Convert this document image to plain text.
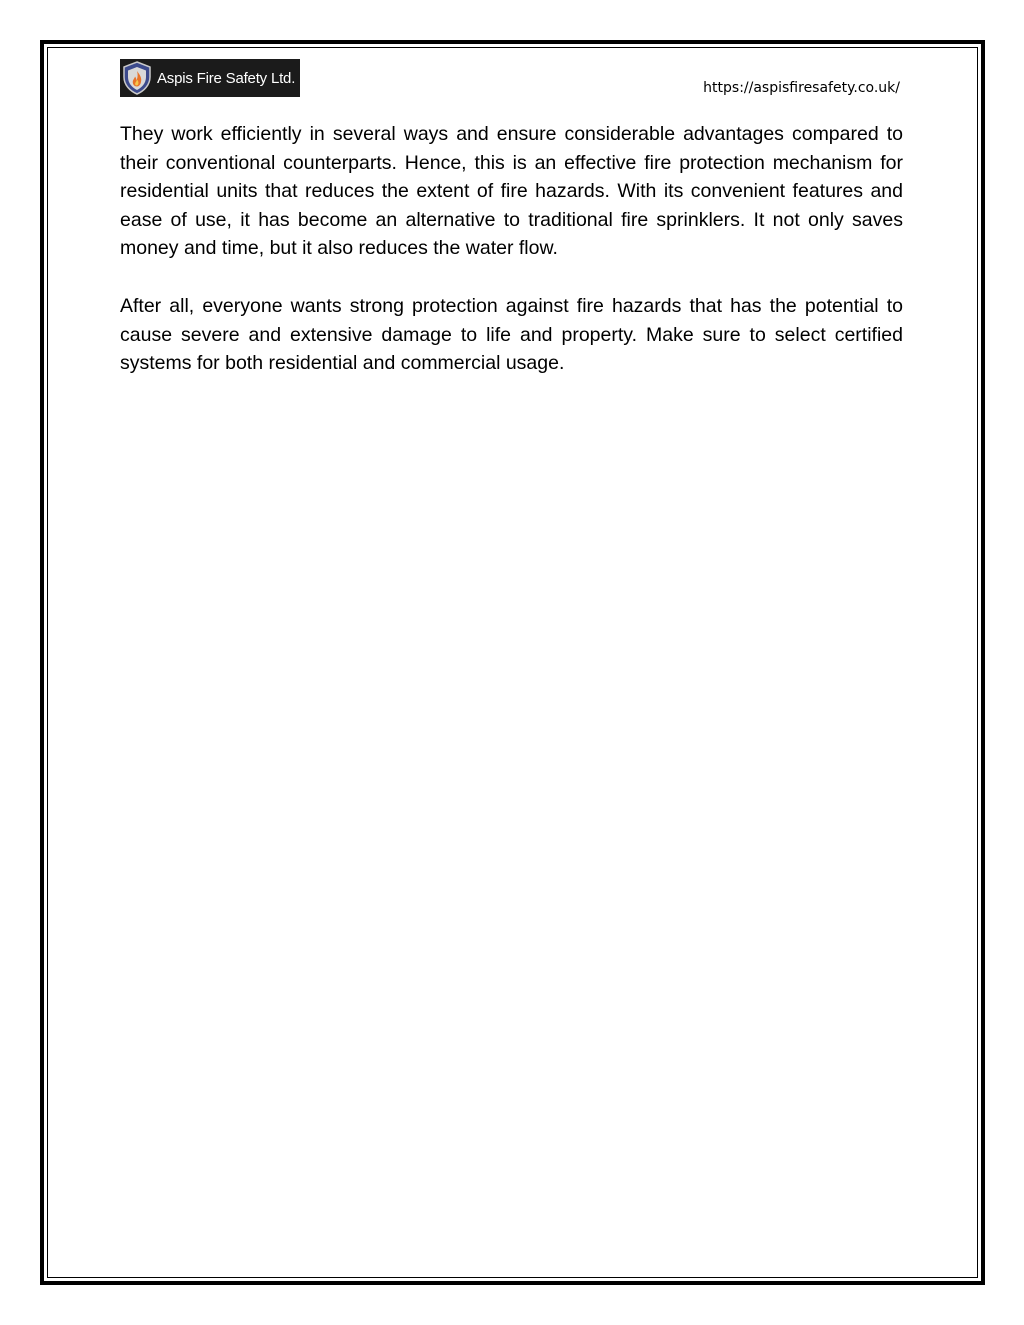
Aspis Fire Safety Ltd.

https://aspisfiresafety.co.uk/

They work efficiently in several ways and ensure considerable advantages compared to their conventional counterparts. Hence, this is an effective fire protection mechanism for residential units that reduces the extent of fire hazards. With its convenient features and ease of use, it has become an alternative to traditional fire sprinklers. It not only saves money and time, but it also reduces the water flow.

After all, everyone wants strong protection against fire hazards that has the potential to cause severe and extensive damage to life and property. Make sure to select certified systems for both residential and commercial usage.
